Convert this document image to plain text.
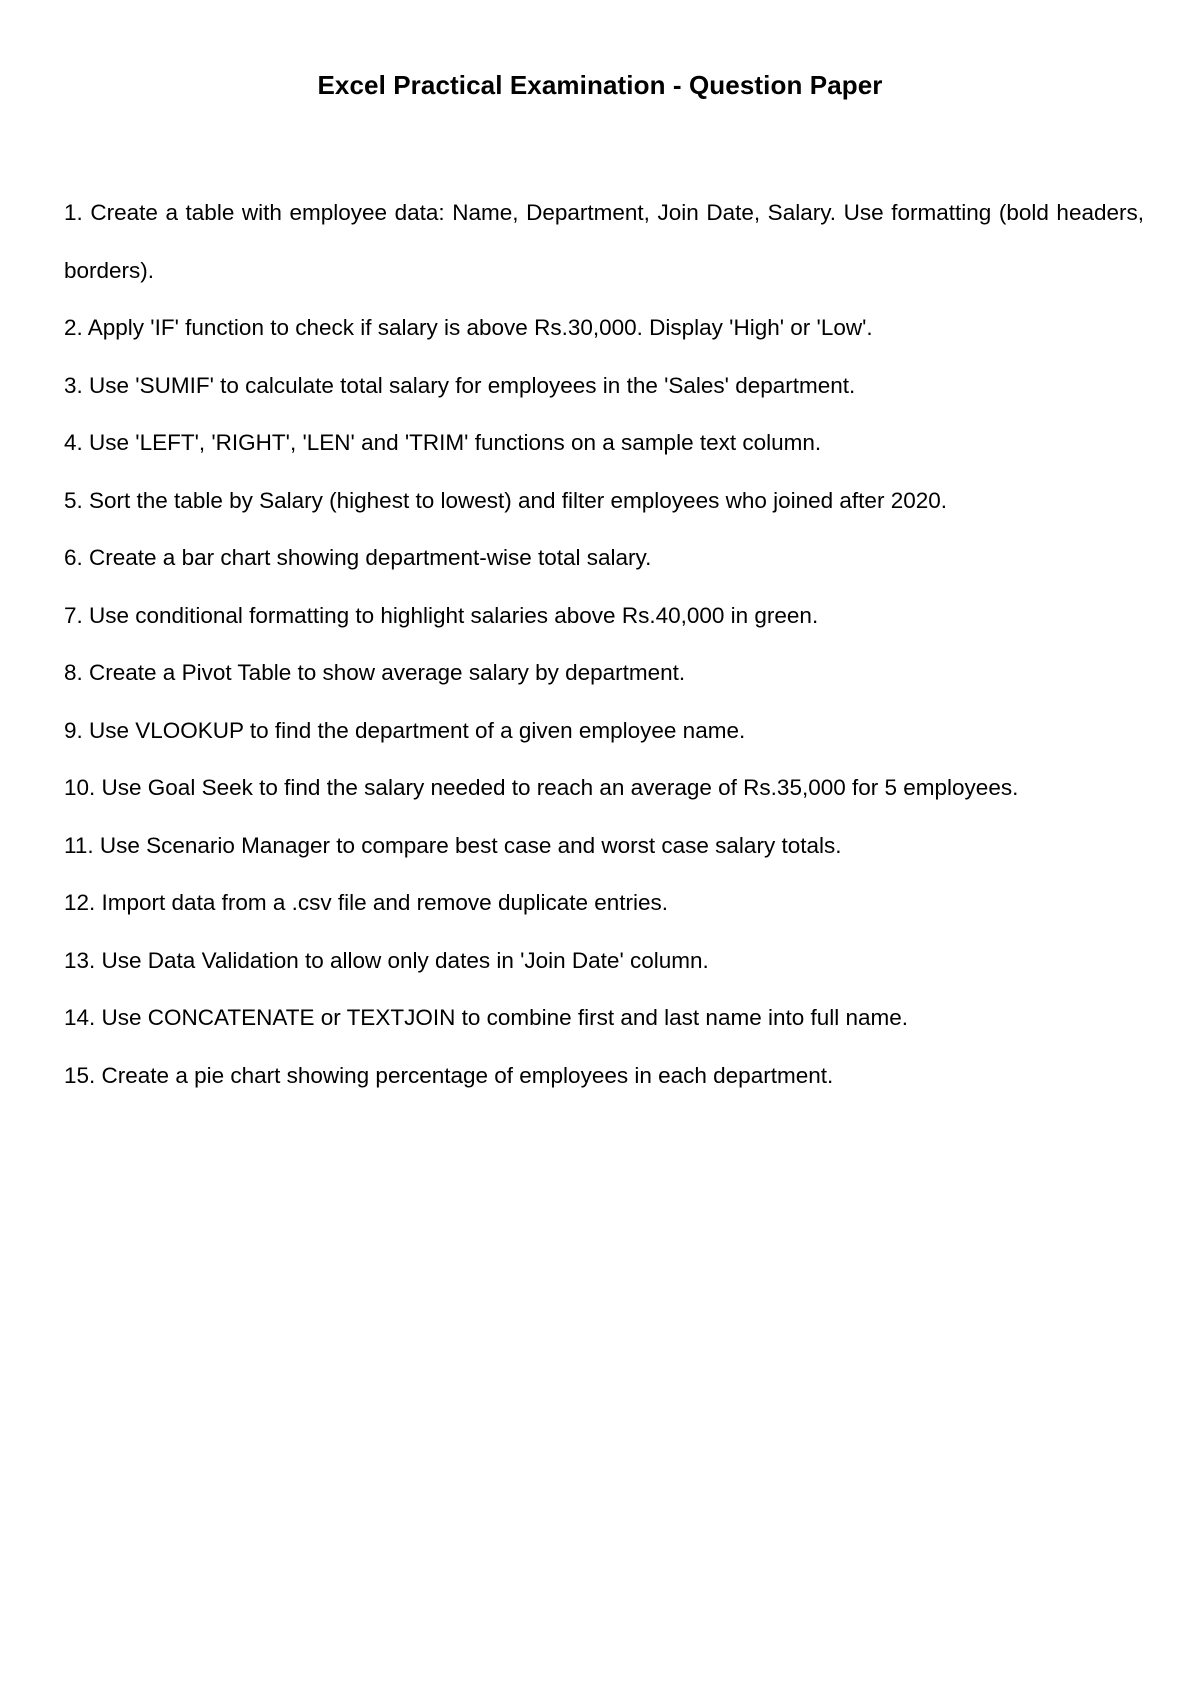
Excel Practical Examination - Question Paper
1. Create a table with employee data: Name, Department, Join Date, Salary. Use formatting (bold headers, borders).
2. Apply 'IF' function to check if salary is above Rs.30,000. Display 'High' or 'Low'.
3. Use 'SUMIF' to calculate total salary for employees in the 'Sales' department.
4. Use 'LEFT', 'RIGHT', 'LEN' and 'TRIM' functions on a sample text column.
5. Sort the table by Salary (highest to lowest) and filter employees who joined after 2020.
6. Create a bar chart showing department-wise total salary.
7. Use conditional formatting to highlight salaries above Rs.40,000 in green.
8. Create a Pivot Table to show average salary by department.
9. Use VLOOKUP to find the department of a given employee name.
10. Use Goal Seek to find the salary needed to reach an average of Rs.35,000 for 5 employees.
11. Use Scenario Manager to compare best case and worst case salary totals.
12. Import data from a .csv file and remove duplicate entries.
13. Use Data Validation to allow only dates in 'Join Date' column.
14. Use CONCATENATE or TEXTJOIN to combine first and last name into full name.
15. Create a pie chart showing percentage of employees in each department.
